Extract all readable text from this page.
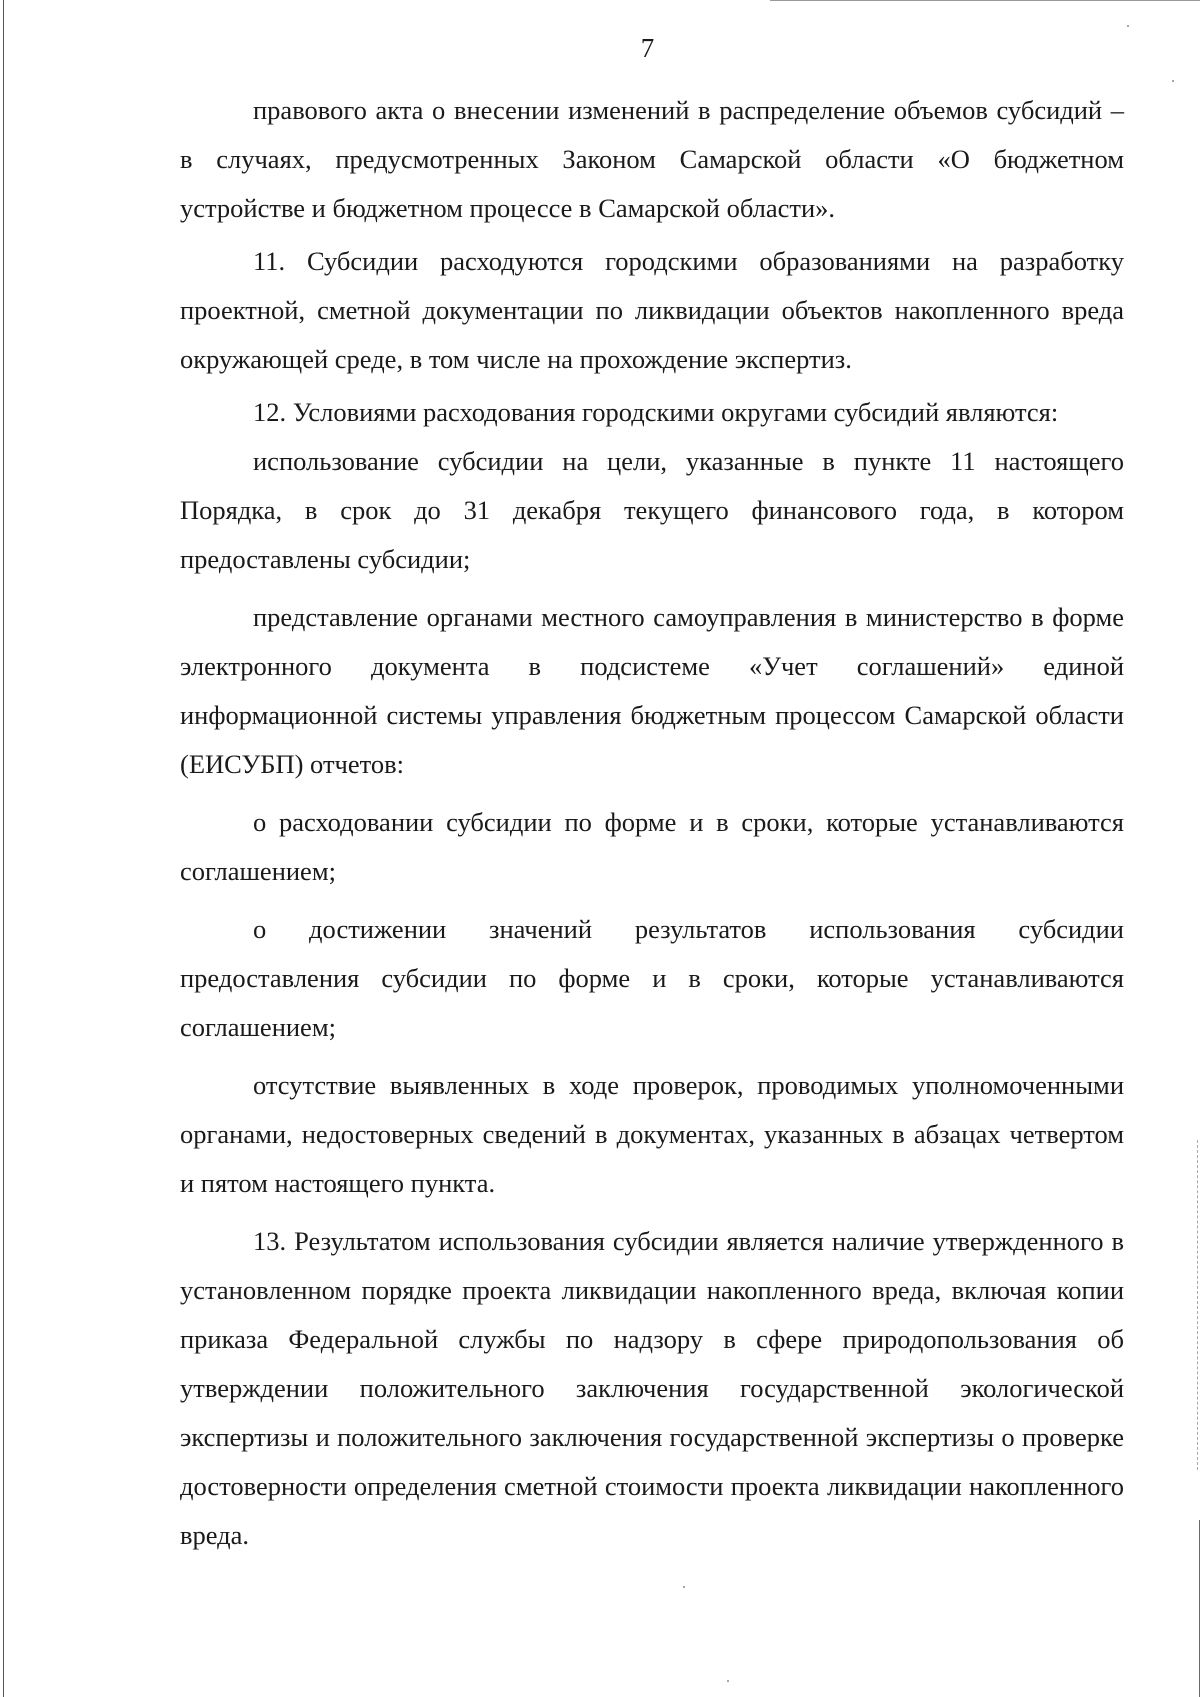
7

правового акта о внесении изменений в распределение объемов субсидий – в случаях, предусмотренных Законом Самарской области «О бюджетном устройстве и бюджетном процессе в Самарской области».

11. Субсидии расходуются городскими образованиями на разработку проектной, сметной документации по ликвидации объектов накопленного вреда окружающей среде, в том числе на прохождение экспертиз.

12. Условиями расходования городскими округами субсидий являются:

использование субсидии на цели, указанные в пункте 11 настоящего Порядка, в срок до 31 декабря текущего финансового года, в котором предоставлены субсидии;

представление органами местного самоуправления в министерство в форме электронного документа в подсистеме «Учет соглашений» единой информационной системы управления бюджетным процессом Самарской области (ЕИСУБП) отчетов:

о расходовании субсидии по форме и в сроки, которые устанавливаются соглашением;

о достижении значений результатов использования субсидии предоставления субсидии по форме и в сроки, которые устанавливаются соглашением;

отсутствие выявленных в ходе проверок, проводимых уполномоченными органами, недостоверных сведений в документах, указанных в абзацах четвертом и пятом настоящего пункта.

13. Результатом использования субсидии является наличие утвержденного в установленном порядке проекта ликвидации накопленного вреда, включая копии приказа Федеральной службы по надзору в сфере природопользования об утверждении положительного заключения государственной экологической экспертизы и положительного заключения государственной экспертизы о проверке достоверности определения сметной стоимости проекта ликвидации накопленного вреда.
